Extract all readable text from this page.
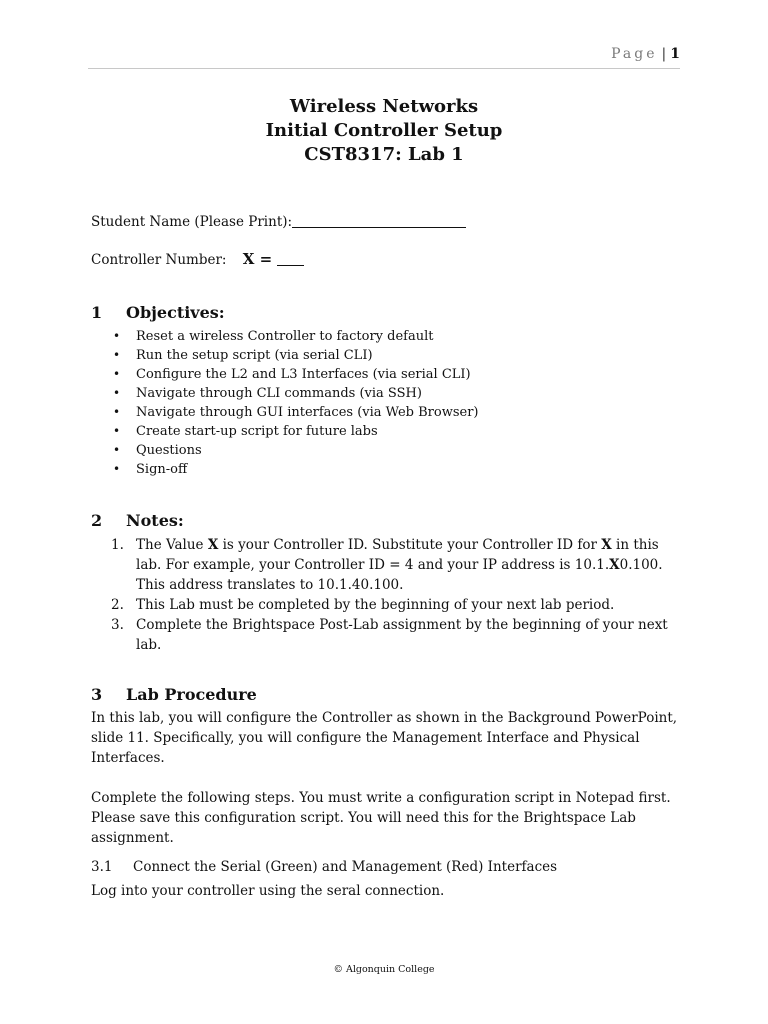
Page | 1
Wireless Networks
Initial Controller Setup
CST8317: Lab 1
Student Name (Please Print):
Controller Number: X =
1 Objectives:
• Reset a wireless Controller to factory default
• Run the setup script (via serial CLI)
• Configure the L2 and L3 Interfaces (via serial CLI)
• Navigate through CLI commands (via SSH)
• Navigate through GUI interfaces (via Web Browser)
• Create start-up script for future labs
• Questions
• Sign-off
2 Notes:
1. The Value X is your Controller ID. Substitute your Controller ID for X in this lab. For example, your Controller ID = 4 and your IP address is 10.1.X0.100. This address translates to 10.1.40.100.
2. This Lab must be completed by the beginning of your next lab period.
3. Complete the Brightspace Post-Lab assignment by the beginning of your next lab.
3 Lab Procedure
In this lab, you will configure the Controller as shown in the Background PowerPoint, slide 11. Specifically, you will configure the Management Interface and Physical Interfaces.
Complete the following steps. You must write a configuration script in Notepad first. Please save this configuration script. You will need this for the Brightspace Lab assignment.
3.1 Connect the Serial (Green) and Management (Red) Interfaces
Log into your controller using the seral connection.
© Algonquin College
